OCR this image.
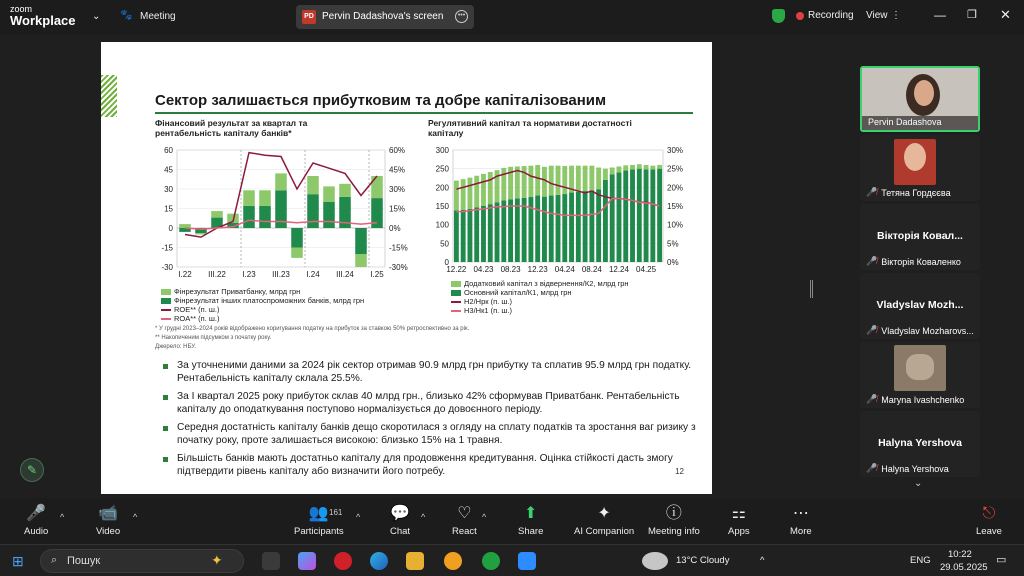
zoom
Workplace ⌄ 🐾 Meeting	PD Pervin Dadashova's screen	•••	Recording View ⋮	— ❐ ✕
Сектор залишається прибутковим та добре капіталізованим
Фінансовий результат за квартал та рентабельність капіталу банків*
60
45
30
15
0
-15
-30
60%
45%
30%
15%
0%
-15%
-30%
I.22 III.22 I.23 III.23 I.24 III.24 I.25
Фінрезультат Приватбанку, млрд грн
Фінрезультат інших платоспроможних банків, млрд грн
ROE** (п. ш.)
ROA** (п. ш.)
Регулятивний капітал та нормативи достатності капіталу
300
250
200
150
100
50
0
30%
25%
20%
15%
10%
5%
0%
12.22 04.23 08.23 12.23 04.24 08.24 12.24 04.25
Додатковий капітал з відвернення/К2, млрд грн
Основний капітал/К1, млрд грн
Н2/Нрк (п. ш.)
Н3/Нк1 (п. ш.)
* У грудні 2023–2024 років відображено коригування податку на прибуток за ставкою 50% ретроспективно за рік.
** Накопиченим підсумком з початку року.
Джерело: НБУ.
За уточненими даними за 2024 рік сектор отримав 90.9 млрд грн прибутку та сплатив 95.9 млрд грн податку. Рентабельність капіталу склала 25.5%.
За І квартал 2025 року прибуток склав 40 млрд грн., близько 42% сформував Приватбанк. Рентабельність капіталу до оподаткування поступово нормалізується до довоєнного періоду.
Середня достатність капіталу банків дещо скоротилася з огляду на сплату податків та зростання ваг ризику з початку року, проте залишається високою: близько 15% на 1 травня.
Більшість банків мають достатньо капіталу для продовження кредитування. Оцінка стійкості дасть змогу підтвердити рівень капіталу або визначити його потребу.	12
✎
Pervin Dadashova
🎤̸ Тетяна Гордєєва
Вікторія Ковал...
🎤̸ Вікторія Коваленко
Vladyslav Mozh...
🎤̸ Vladyslav Mozharovs...
🎤̸ Maryna Ivashchenko
Halyna Yershova
🎤̸ Halyna Yershova
⌄
🎤
Audio
^ 📹
Video
^	👥
Participants
161 ^ 💬
Chat
^	♡
React
^	⬆
Share
✦
AI Companion
ⓘ
Meeting info
⚏
Apps
⋯
More
⎋
Leave
⊞ ⌕ Пошук	✦	13°C Cloudy	^	ENG
10:22
29.05.2025
▭
